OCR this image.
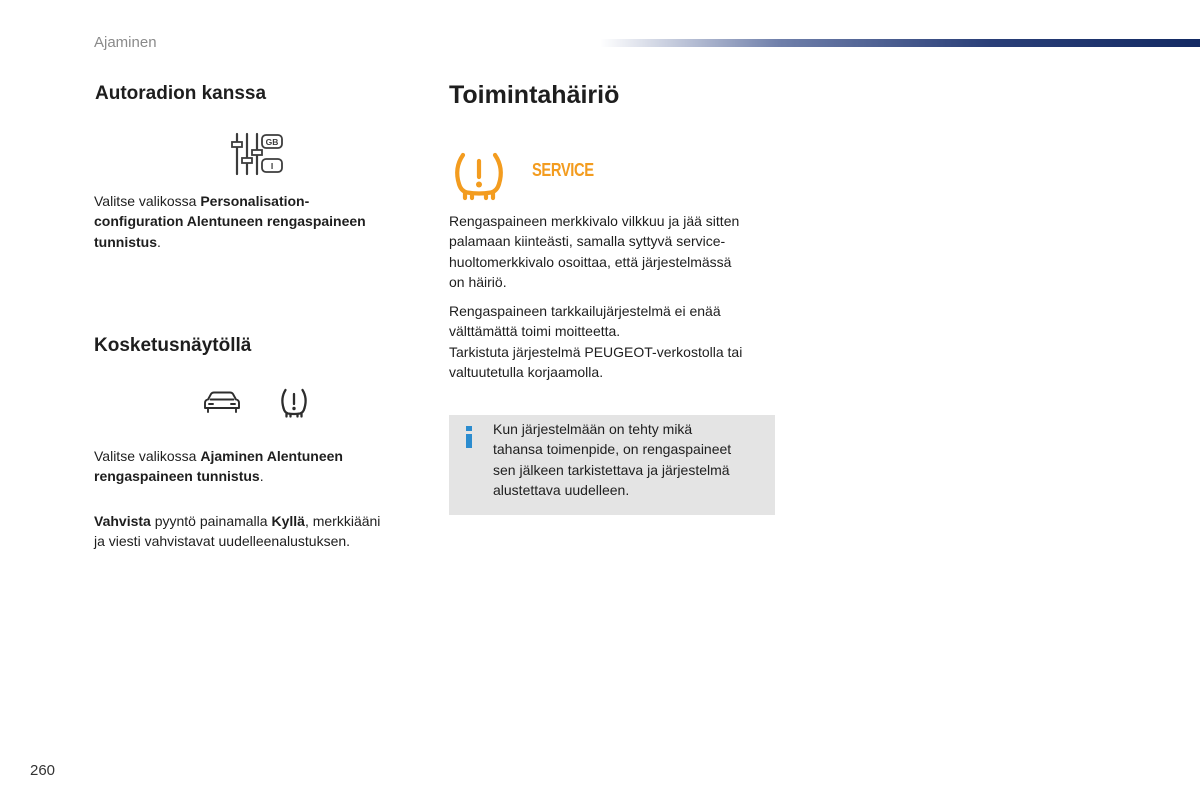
Ajaminen
Autoradion kanssa
GB
I

Valitse valikossa Personalisation-
configuration Alentuneen rengaspaineen
tunnistus.

Kosketusnäytöllä

Valitse valikossa Ajaminen Alentuneen
rengaspaineen tunnistus.

Vahvista pyyntö painamalla Kyllä, merkkiääni
ja viesti vahvistavat uudelleenalustuksen.

Toimintahäiriö
SERVICE

Rengaspaineen merkkivalo vilkkuu ja jää sitten
palamaan kiinteästi, samalla syttyvä service-
huoltomerkkivalo osoittaa, että järjestelmässä
on häiriö.

Rengaspaineen tarkkailujärjestelmä ei enää
välttämättä toimi moitteetta.
Tarkistuta järjestelmä PEUGEOT-verkostolla tai
valtuutetulla korjaamolla.

Kun järjestelmään on tehty mikä
tahansa toimenpide, on rengaspaineet
sen jälkeen tarkistettava ja järjestelmä
alustettava uudelleen.

260
